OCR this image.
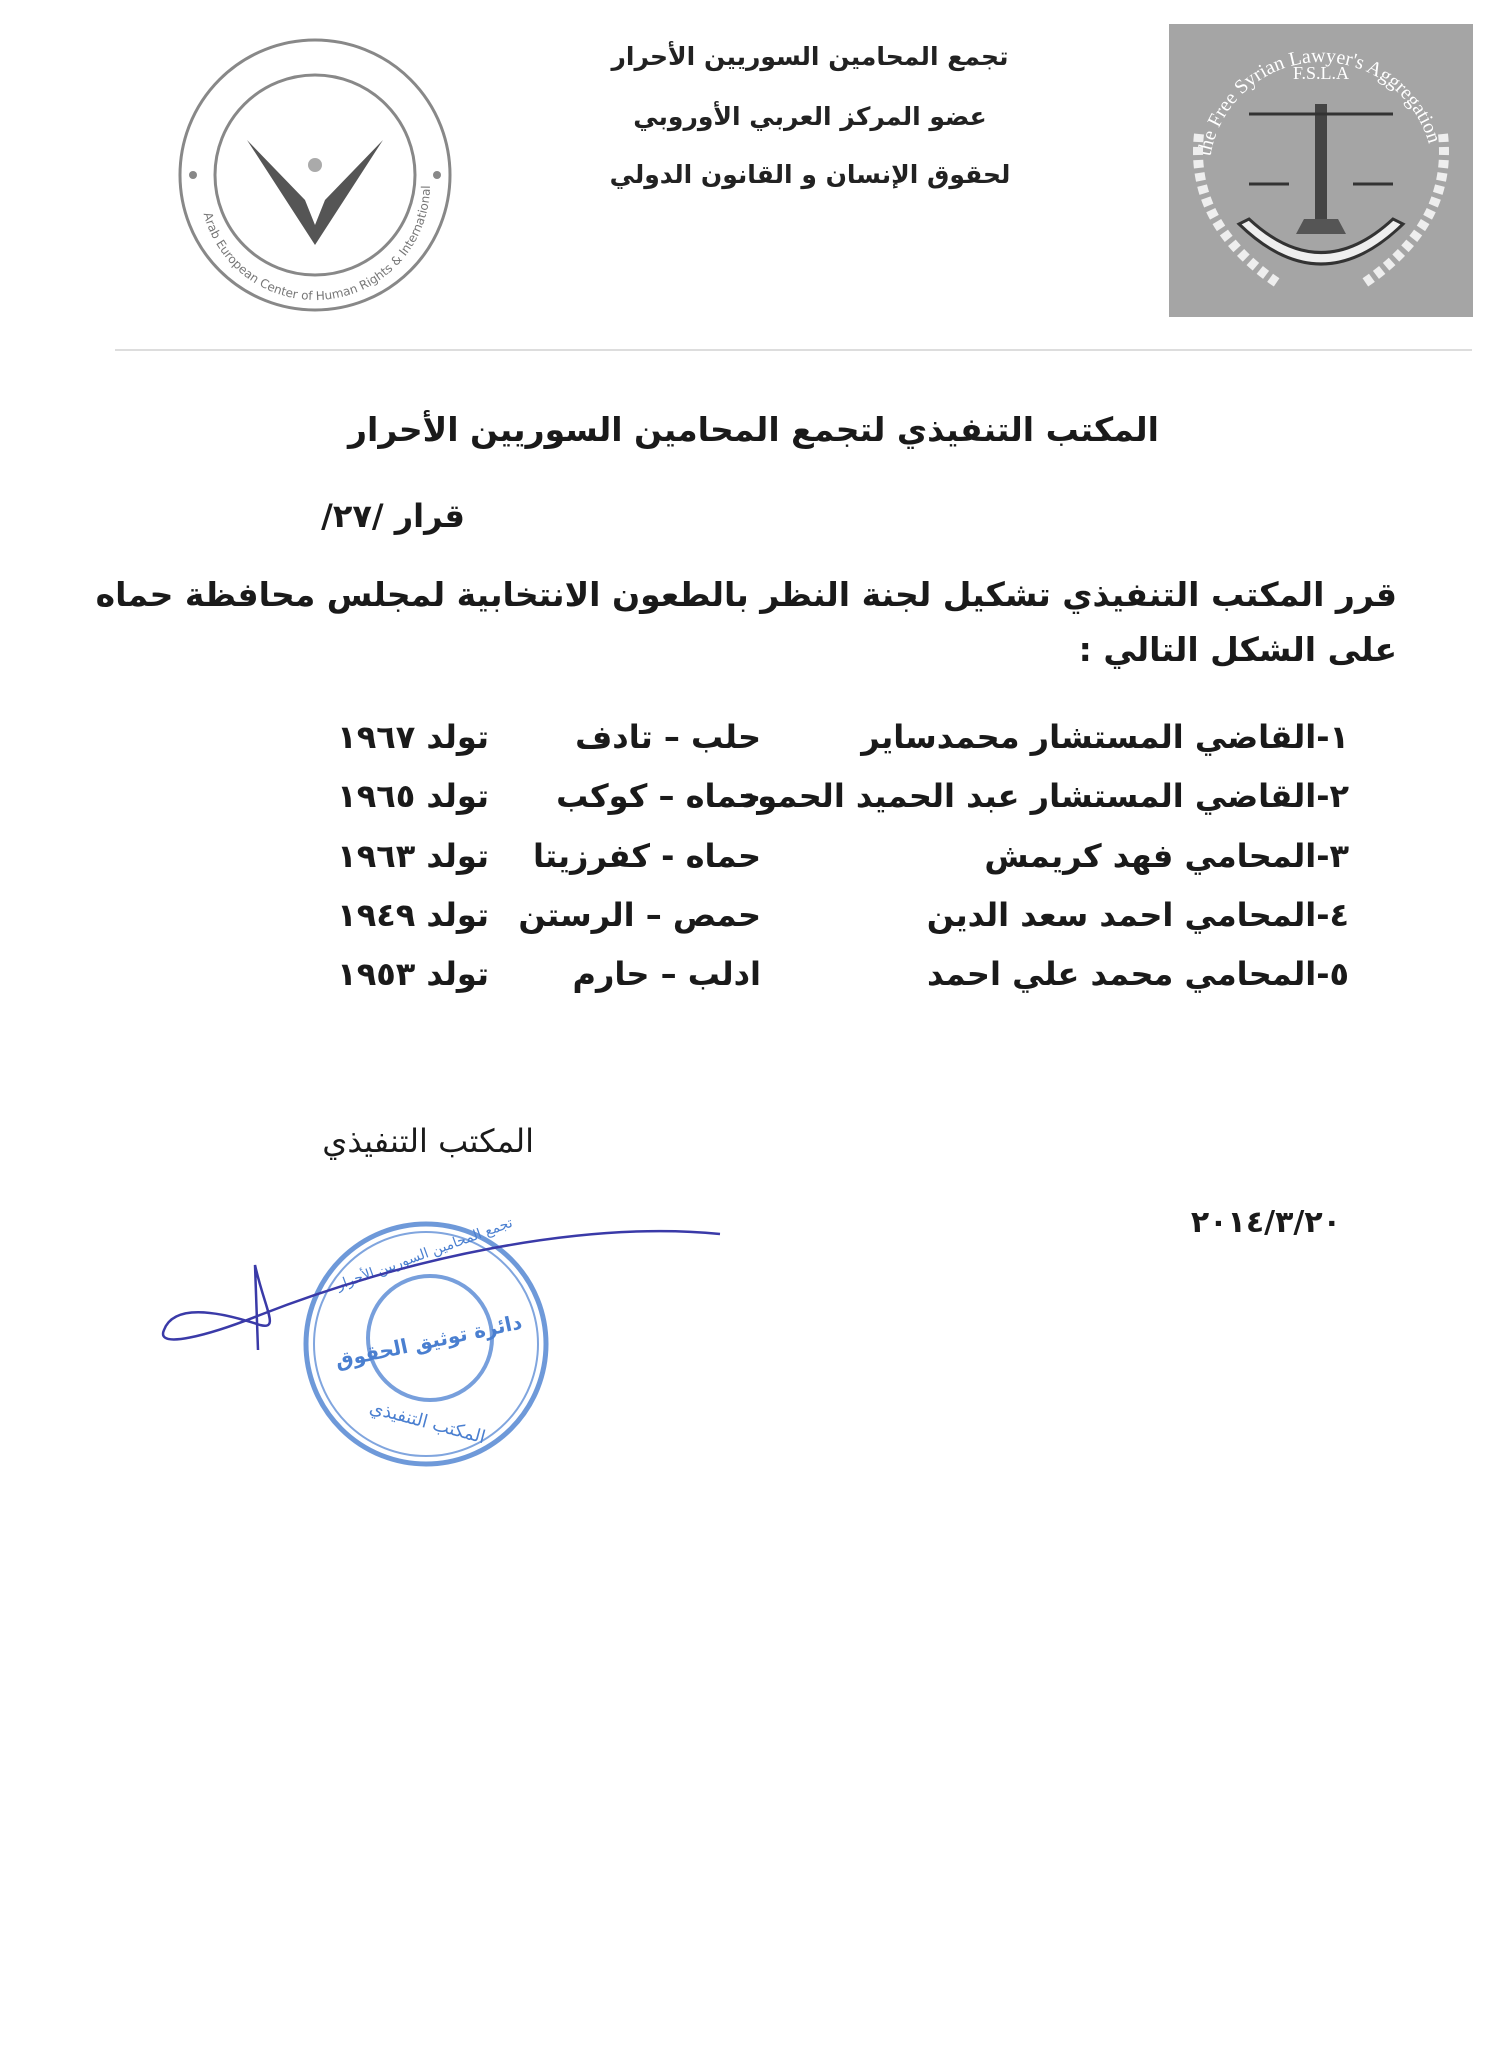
Arab European Center of Human Rights & International
تجمع المحامين السوريين الأحرار
عضو المركز العربي الأوروبي
لحقوق الإنسان و القانون الدولي
the Free Syrian Lawyer's Aggregation
F.S.L.A
المكتب التنفيذي لتجمع المحامين السوريين الأحرار
قرار /٢٧/
قرر المكتب التنفيذي تشكيل لجنة النظر بالطعون الانتخابية لمجلس محافظة حماه
على الشكل التالي :
١-القاضي المستشار محمدساير
حلب – تادف
تولد ١٩٦٧
٢-القاضي المستشار عبد الحميد الحمود
حماه – كوكب
تولد ١٩٦٥
٣-المحامي فهد كريمش
حماه - كفرزيتا
تولد ١٩٦٣
٤-المحامي احمد سعد الدين
حمص – الرستن
تولد ١٩٤٩
٥-المحامي محمد علي احمد
ادلب – حارم
تولد ١٩٥٣
المكتب التنفيذي
٢٠١٤/٣/٢٠
دائرة توثيق الحقوق
المكتب التنفيذي
تجمع المحامين السوريين الأحرار
